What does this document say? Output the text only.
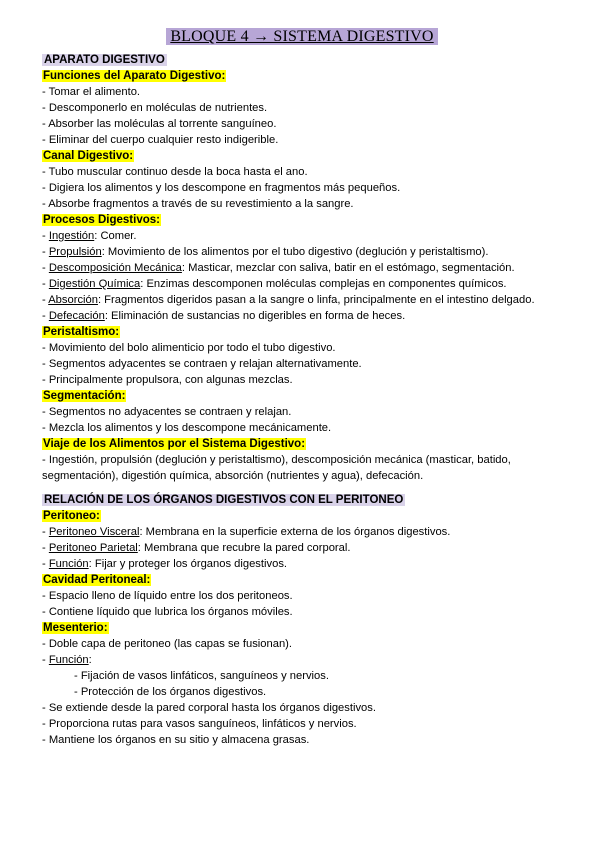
BLOQUE 4 → SISTEMA DIGESTIVO

APARATO DIGESTIVO

Funciones del Aparato Digestivo:

- Tomar el alimento.

- Descomponerlo en moléculas de nutrientes.

- Absorber las moléculas al torrente sanguíneo.

- Eliminar del cuerpo cualquier resto indigerible.

Canal Digestivo:

- Tubo muscular continuo desde la boca hasta el ano.

- Digiera los alimentos y los descompone en fragmentos más pequeños.

- Absorbe fragmentos a través de su revestimiento a la sangre.

Procesos Digestivos:

- Ingestión: Comer.

- Propulsión: Movimiento de los alimentos por el tubo digestivo (deglución y peristaltismo).

- Descomposición Mecánica: Masticar, mezclar con saliva, batir en el estómago, segmentación.

- Digestión Química: Enzimas descomponen moléculas complejas en componentes químicos.

- Absorción: Fragmentos digeridos pasan a la sangre o linfa, principalmente en el intestino delgado.

- Defecación: Eliminación de sustancias no digeribles en forma de heces.

Peristaltismo:

- Movimiento del bolo alimenticio por todo el tubo digestivo.

- Segmentos adyacentes se contraen y relajan alternativamente.

- Principalmente propulsora, con algunas mezclas.

Segmentación:

- Segmentos no adyacentes se contraen y relajan.

- Mezcla los alimentos y los descompone mecánicamente.

Viaje de los Alimentos por el Sistema Digestivo:

- Ingestión, propulsión (deglución y peristaltismo), descomposición mecánica (masticar, batido, segmentación), digestión química, absorción (nutrientes y agua), defecación.

RELACIÓN DE LOS ÓRGANOS DIGESTIVOS CON EL PERITONEO

Peritoneo:

- Peritoneo Visceral: Membrana en la superficie externa de los órganos digestivos.

- Peritoneo Parietal: Membrana que recubre la pared corporal.

- Función: Fijar y proteger los órganos digestivos.

Cavidad Peritoneal:

- Espacio lleno de líquido entre los dos peritoneos.

- Contiene líquido que lubrica los órganos móviles.

Mesenterio:

- Doble capa de peritoneo (las capas se fusionan).

- Función:

- Fijación de vasos linfáticos, sanguíneos y nervios.

- Protección de los órganos digestivos.

- Se extiende desde la pared corporal hasta los órganos digestivos.

- Proporciona rutas para vasos sanguíneos, linfáticos y nervios.

- Mantiene los órganos en su sitio y almacena grasas.
